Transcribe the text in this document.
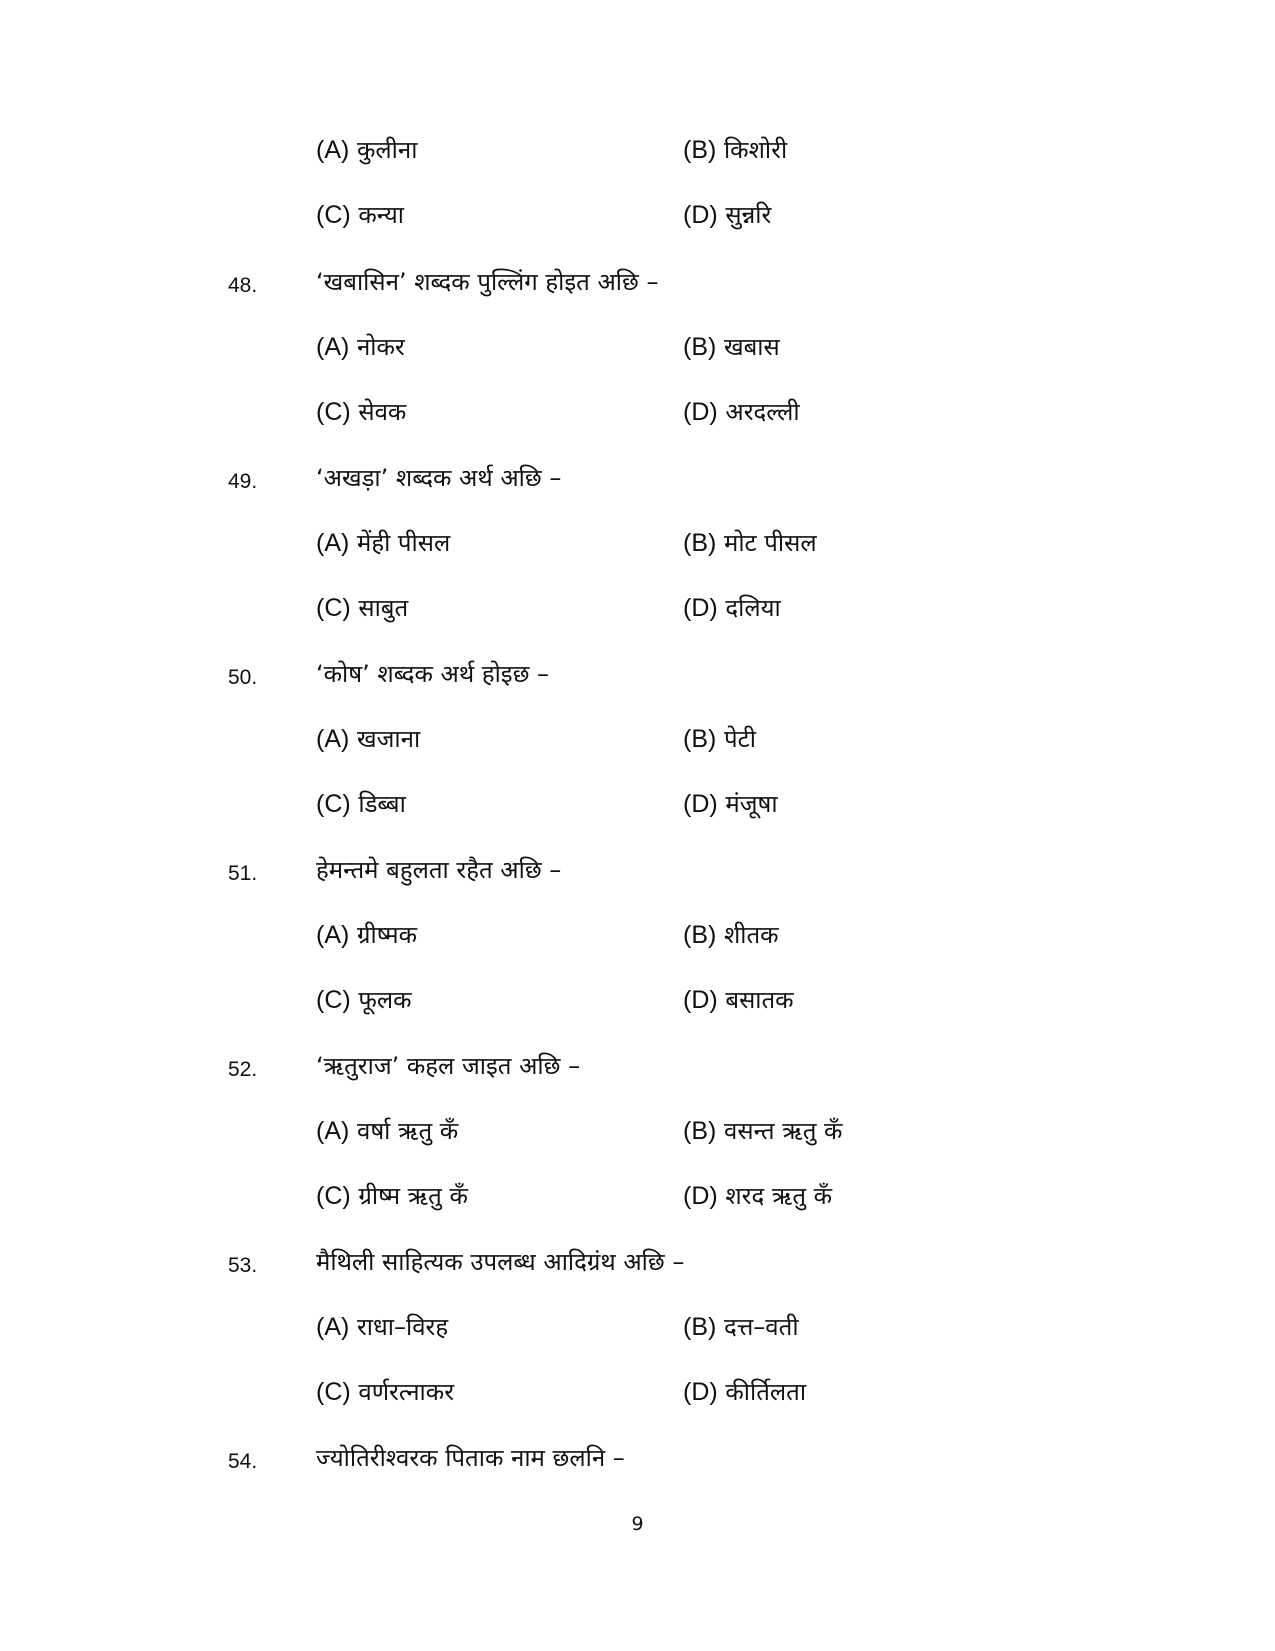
(A) कुलीना	(B) किशोरी
(C) कन्या	(D) सुन्नरि
48. ‘खबासिन’ शब्दक पुल्लिंग होइत अछि –
(A) नोकर	(B) खबास
(C) सेवक	(D) अरदल्ली
49. ‘अखड़ा’ शब्दक अर्थ अछि –
(A) मेंही पीसल	(B) मोट पीसल
(C) साबुत	(D) दलिया
50. ‘कोष’ शब्दक अर्थ होइछ –
(A) खजाना	(B) पेटी
(C) डिब्बा	(D) मंजूषा
51. हेमन्तमे बहुलता रहैत अछि –
(A) ग्रीष्मक	(B) शीतक
(C) फूलक	(D) बसातक
52. ‘ऋतुराज’ कहल जाइत अछि –
(A) वर्षा ऋतु कँ	(B) वसन्त ऋतु कँ
(C) ग्रीष्म ऋतु कँ	(D) शरद ऋतु कँ
53. मैथिली साहित्यक उपलब्ध आदिग्रंथ अछि –
(A) राधा–विरह	(B) दत्त–वती
(C) वर्णरत्नाकर	(D) कीर्तिलता
54. ज्योतिरीश्वरक पिताक नाम छलनि –
9
